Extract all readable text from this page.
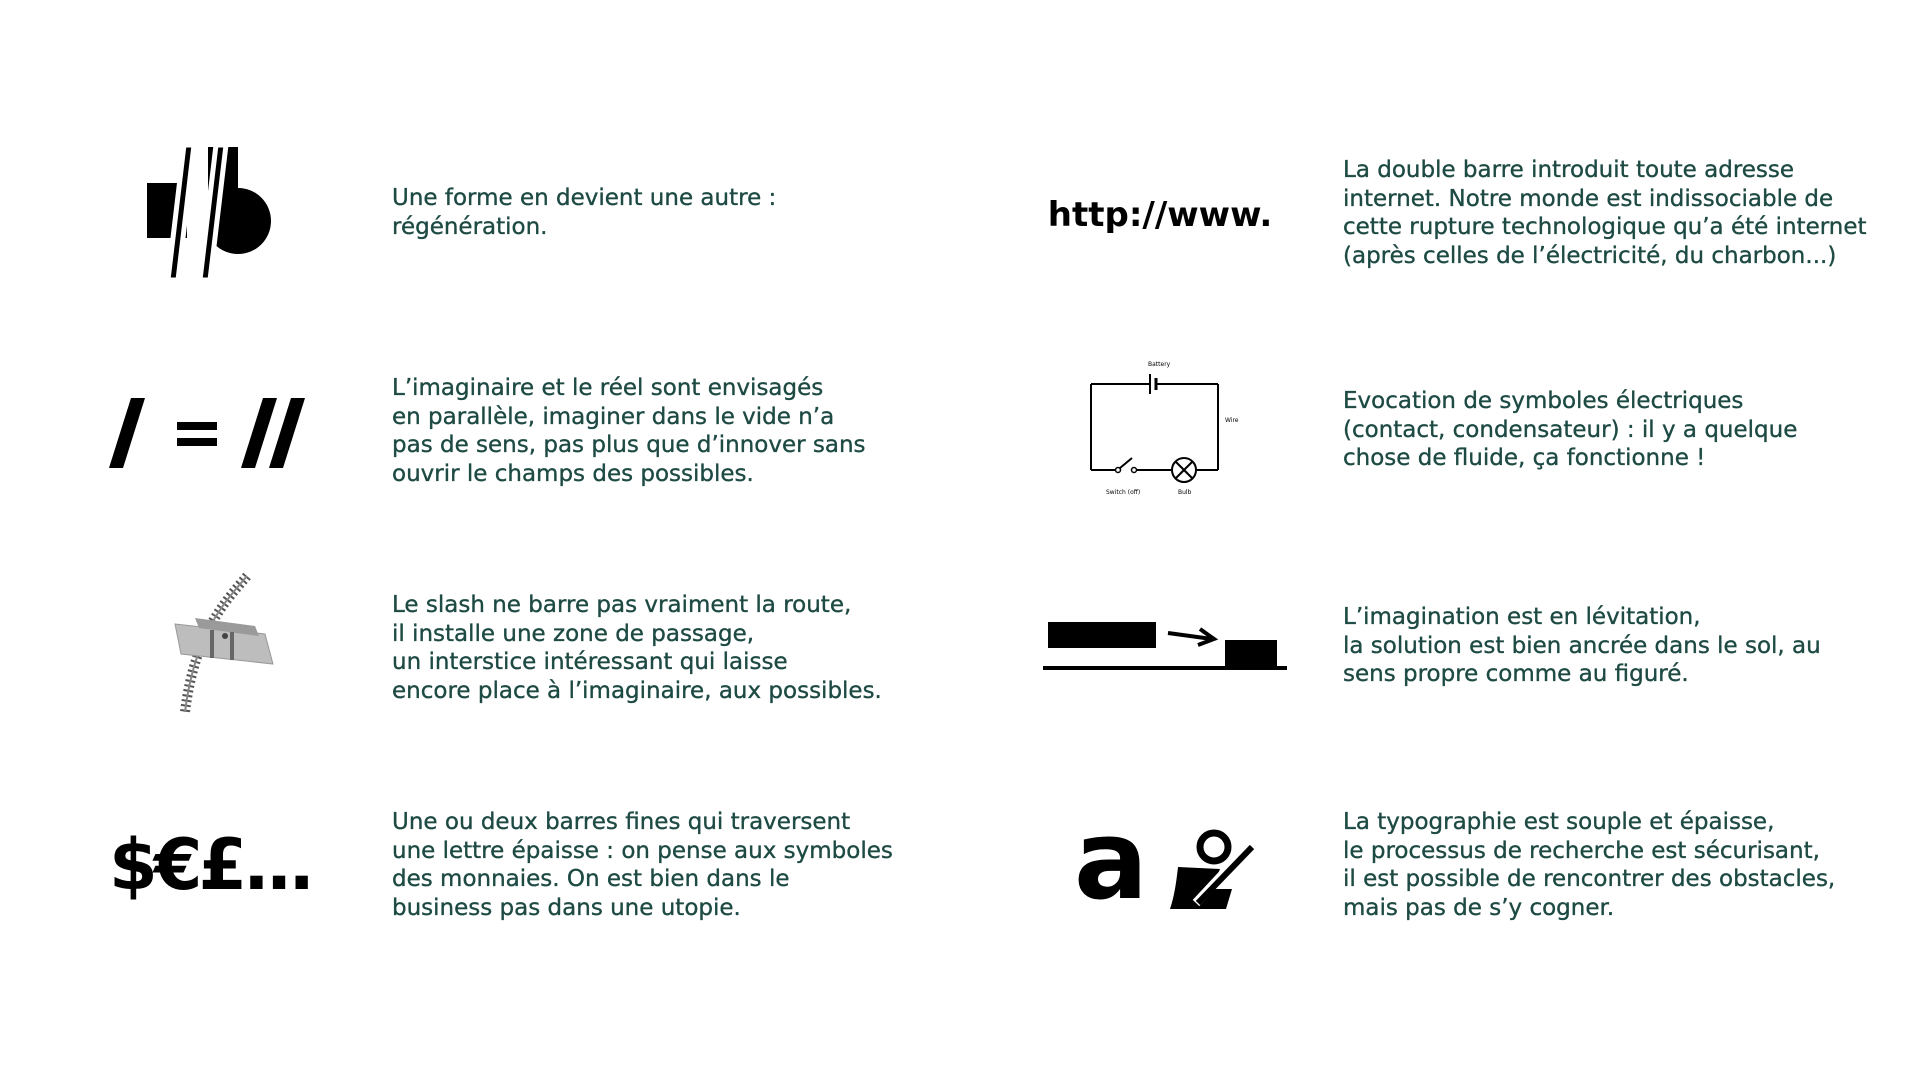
Une forme en devient une autre :
régénération.
L’imaginaire et le réel sont envisagés
en parallèle, imaginer dans le vide n’a
pas de sens, pas plus que d’innover sans
ouvrir le champs des possibles.
Le slash ne barre pas vraiment la route,
il installe une zone de passage,
un interstice intéressant qui laisse
encore place à l’imaginaire, aux possibles.
$€£...
Une ou deux barres fines qui traversent
une lettre épaisse : on pense aux symboles
des monnaies. On est bien dans le
business pas dans une utopie.
http://www.
La double barre introduit toute adresse
internet. Notre monde est indissociable de
cette rupture technologique qu’a été internet
(après celles de l’électricité, du charbon...)
Battery
Wire
Switch (off)	Bulb
Evocation de symboles électriques
(contact, condensateur) : il y a quelque
chose de fluide, ça fonctionne !
L’imagination est en lévitation,
la solution est bien ancrée dans le sol, au
sens propre comme au figuré.
a	La typographie est souple et épaisse,
le processus de recherche est sécurisant,
il est possible de rencontrer des obstacles,
mais pas de s’y cogner.
